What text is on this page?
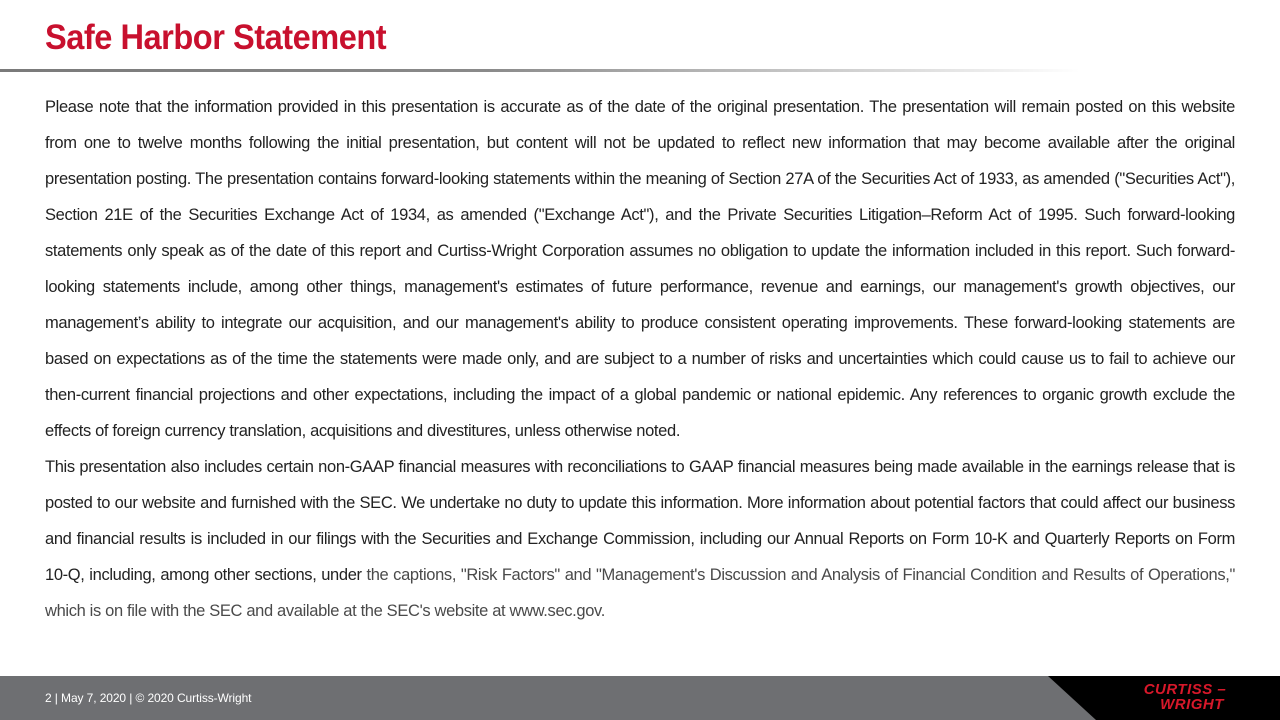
Safe Harbor Statement

Please note that the information provided in this presentation is accurate as of the date of the original presentation. The presentation will remain posted on this website from one to twelve months following the initial presentation, but content will not be updated to reflect new information that may become available after the original presentation posting. The presentation contains forward-looking statements within the meaning of Section 27A of the Securities Act of 1933, as amended ("Securities Act"), Section 21E of the Securities Exchange Act of 1934, as amended ("Exchange Act"), and the Private Securities Litigation–Reform Act of 1995. Such forward-looking statements only speak as of the date of this report and Curtiss-Wright Corporation assumes no obligation to update the information included in this report. Such forward-looking statements include, among other things, management's estimates of future performance, revenue and earnings, our management's growth objectives, our management’s ability to integrate our acquisition, and our management's ability to produce consistent operating improvements. These forward-looking statements are based on expectations as of the time the statements were made only, and are subject to a number of risks and uncertainties which could cause us to fail to achieve our then-current financial projections and other expectations, including the impact of a global pandemic or national epidemic. Any references to organic growth exclude the effects of foreign currency translation, acquisitions and divestitures, unless otherwise noted.

This presentation also includes certain non-GAAP financial measures with reconciliations to GAAP financial measures being made available in the earnings release that is posted to our website and furnished with the SEC. We undertake no duty to update this information. More information about potential factors that could affect our business and financial results is included in our filings with the Securities and Exchange Commission, including our Annual Reports on Form 10-K and Quarterly Reports on Form 10-Q, including, among other sections, under the captions, "Risk Factors" and "Management's Discussion and Analysis of Financial Condition and Results of Operations," which is on file with the SEC and available at the SEC's website at www.sec.gov.

2 | May 7, 2020 | © 2020 Curtiss-Wright	CURTISS –
WRIGHT
